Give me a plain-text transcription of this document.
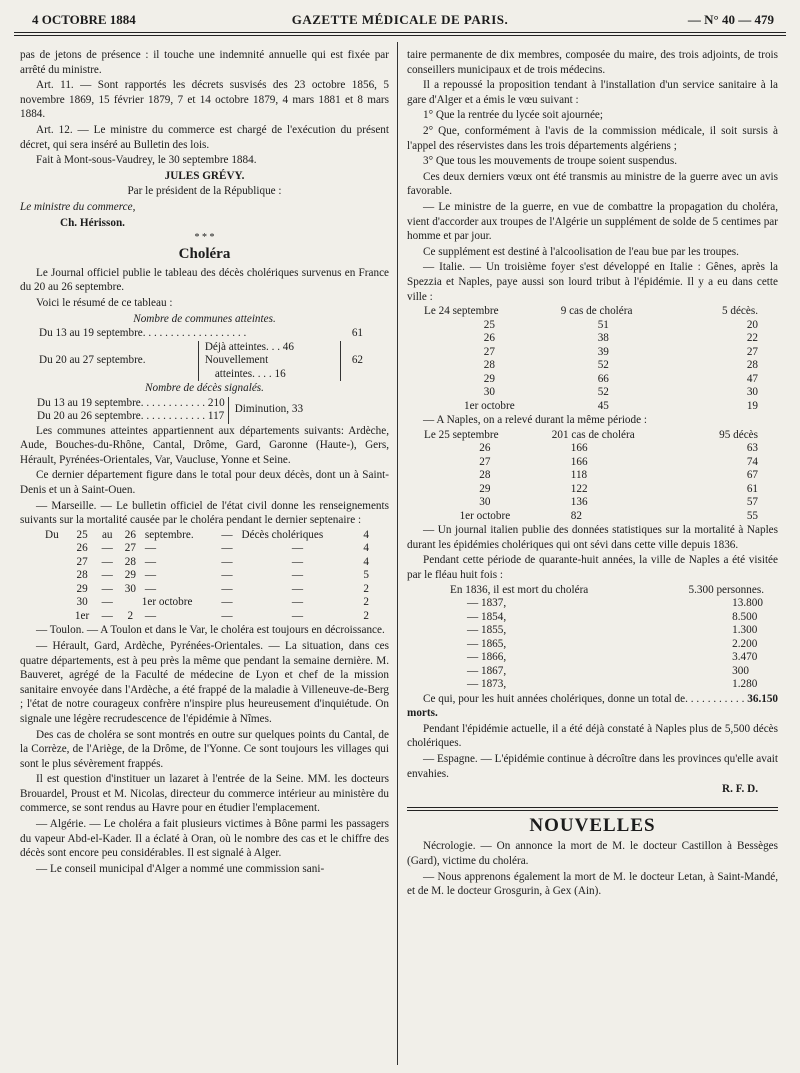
4 OCTOBRE 1884	GAZETTE MÉDICALE DE PARIS.	— N° 40 — 479

pas de jetons de présence : il touche une indemnité annuelle qui est fixée par arrêté du ministre.

Art. 11. — Sont rapportés les décrets susvisés des 23 octobre 1856, 5 novembre 1869, 15 février 1879, 7 et 14 octobre 1879, 4 mars 1881 et 8 mars 1884.

Art. 12. — Le ministre du commerce est chargé de l'exécution du présent décret, qui sera inséré au Bulletin des lois.

Fait à Mont-sous-Vaudrey, le 30 septembre 1884.

JULES GRÉVY.

Par le président de la République :

Le ministre du commerce,

Ch. Hérisson.

* * *
Choléra

Le Journal officiel publie le tableau des décès cholériques survenus en France du 20 au 26 septembre.

Voici le résumé de ce tableau :

Nombre de communes atteintes.

Du 13 au 19 septembre. . . . . . . . . . . . . . . . . . .		61
Du 20 au 27 septembre.	Déjà atteintes. . . 46
Nouvellement
atteintes. . . . 16	62

Nombre de décès signalés.

Du 13 au 19 septembre. . . . . . . . . . . . 210	Diminution, 33
Du 20 au 26 septembre. . . . . . . . . . . . 117

Les communes atteintes appartiennent aux départements suivants: Ardèche, Aude, Bouches-du-Rhône, Cantal, Drôme, Gard, Garonne (Haute-), Gers, Hérault, Pyrénées-Orientales, Var, Vaucluse, Yonne et Seine.

Ce dernier département figure dans le total pour deux décès, dont un à Saint-Denis et un à Saint-Ouen.

— Marseille. — Le bulletin officiel de l'état civil donne les renseignements suivants sur la mortalité causée par le choléra pendant le dernier septenaire :

Du	25	au	26	septembre.	—	Décès cholériques	4
	26	—	27	—	—	—	4
	27	—	28	—	—	—	4
	28	—	29	—	—	—	5
	29	—	30	—	—	—	2
	30	—	1er octobre		—	—	2
	1er	—	2	—	—	—	2

— Toulon. — A Toulon et dans le Var, le choléra est toujours en décroissance.

— Hérault, Gard, Ardèche, Pyrénées-Orientales. — La situation, dans ces quatre départements, est à peu près la même que pendant la semaine dernière. M. Bauveret, agrégé de la Faculté de médecine de Lyon et chef de la mission sanitaire envoyée dans l'Ardèche, a été frappé de la maladie à Villeneuve-de-Berg ; l'état de notre courageux confrère n'inspire plus heureusement d'inquiétude. On signale une légère recrudescence de l'épidémie à Nîmes.

Des cas de choléra se sont montrés en outre sur quelques points du Cantal, de la Corrèze, de l'Ariège, de la Drôme, de l'Yonne. Ce sont toujours les villages qui sont le plus sévèrement frappés.

Il est question d'instituer un lazaret à l'entrée de la Seine. MM. les docteurs Brouardel, Proust et M. Nicolas, directeur du commerce intérieur au ministère du commerce, se sont rendus au Havre pour en étudier l'emplacement.

— Algérie. — Le choléra a fait plusieurs victimes à Bône parmi les passagers du vapeur Abd-el-Kader. Il a éclaté à Oran, où le nombre des cas et le chiffre des décès sont encore peu considérables. Il est signalé à Alger.

— Le conseil municipal d'Alger a nommé une commission sani-

taire permanente de dix membres, composée du maire, des trois adjoints, de trois conseillers municipaux et de trois médecins.

Il a repoussé la proposition tendant à l'installation d'un service sanitaire à la gare d'Alger et a émis le vœu suivant :

1° Que la rentrée du lycée soit ajournée;

2° Que, conformément à l'avis de la commission médicale, il soit sursis à l'appel des réservistes dans les trois départements algériens ;

3° Que tous les mouvements de troupe soient suspendus.

Ces deux derniers vœux ont été transmis au ministre de la guerre avec un avis favorable.

— Le ministre de la guerre, en vue de combattre la propagation du choléra, vient d'accorder aux troupes de l'Algérie un supplément de solde de 5 centimes par homme et par jour.

Ce supplément est destiné à l'alcoolisation de l'eau bue par les troupes.

— Italie. — Un troisième foyer s'est développé en Italie : Gênes, après la Spezzia et Naples, paye aussi son lourd tribut à l'épidémie. Il y a eu dans cette ville :

Le 24 septembre	9 cas de choléra	5 décès.
25	51	20
26	38	22
27	39	27
28	52	28
29	66	47
30	52	30
1er octobre	45	19

— A Naples, on a relevé durant la même période :

Le 25 septembre	201 cas de choléra	95 décès
26	166	63
27	166	74
28	118	67
29	122	61
30	136	57
1er octobre	82	55

— Un journal italien publie des données statistiques sur la mortalité à Naples durant les épidémies cholériques qui ont sévi dans cette ville depuis 1836.

Pendant cette période de quarante-huit années, la ville de Naples a été visitée par le fléau huit fois :

En 1836, il est mort du choléra	5.300 personnes.
— 1837,	13.800
— 1854,	8.500
— 1855,	1.300
— 1865,	2.200
— 1866,	3.470
— 1867,	300
— 1873,	1.280

Ce qui, pour les huit années cholériques, donne un total de. . . . . . . . . . . 36.150 morts.

Pendant l'épidémie actuelle, il a été déjà constaté à Naples plus de 5,500 décès cholériques.

— Espagne. — L'épidémie continue à décroître dans les provinces qu'elle avait envahies.

R. F. D.

NOUVELLES

Nécrologie. — On annonce la mort de M. le docteur Castillon à Bessèges (Gard), victime du choléra.

— Nous apprenons également la mort de M. le docteur Letan, à Saint-Mandé, et de M. le docteur Grosgurin, à Gex (Ain).
